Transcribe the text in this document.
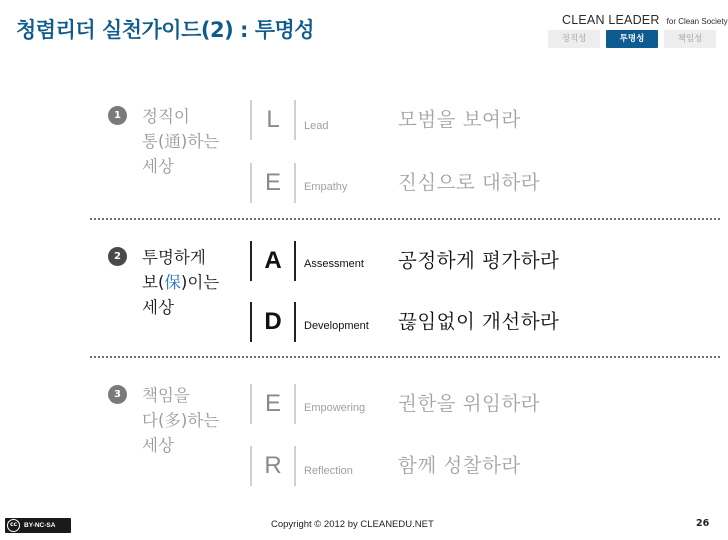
청렴리더 실천가이드(2) : 투명성	CLEAN LEADER for Clean Society
정직성	투명성	책임성
1	정직이
통(通)하는
세상
2	투명하게
보(保)이는
세상
3	책임을
다(多)하는
세상
L	Lead	모범을 보여라
E	Empathy	진심으로 대하라
A	Assessment 공정하게 평가하라
D	Development 끊임없이 개선하라
E	Empowering 권한을 위임하라
R	Reflection 함께 성찰하라
cc	BY-NC-SA	Copyright © 2012 by CLEANEDU.NET	26
